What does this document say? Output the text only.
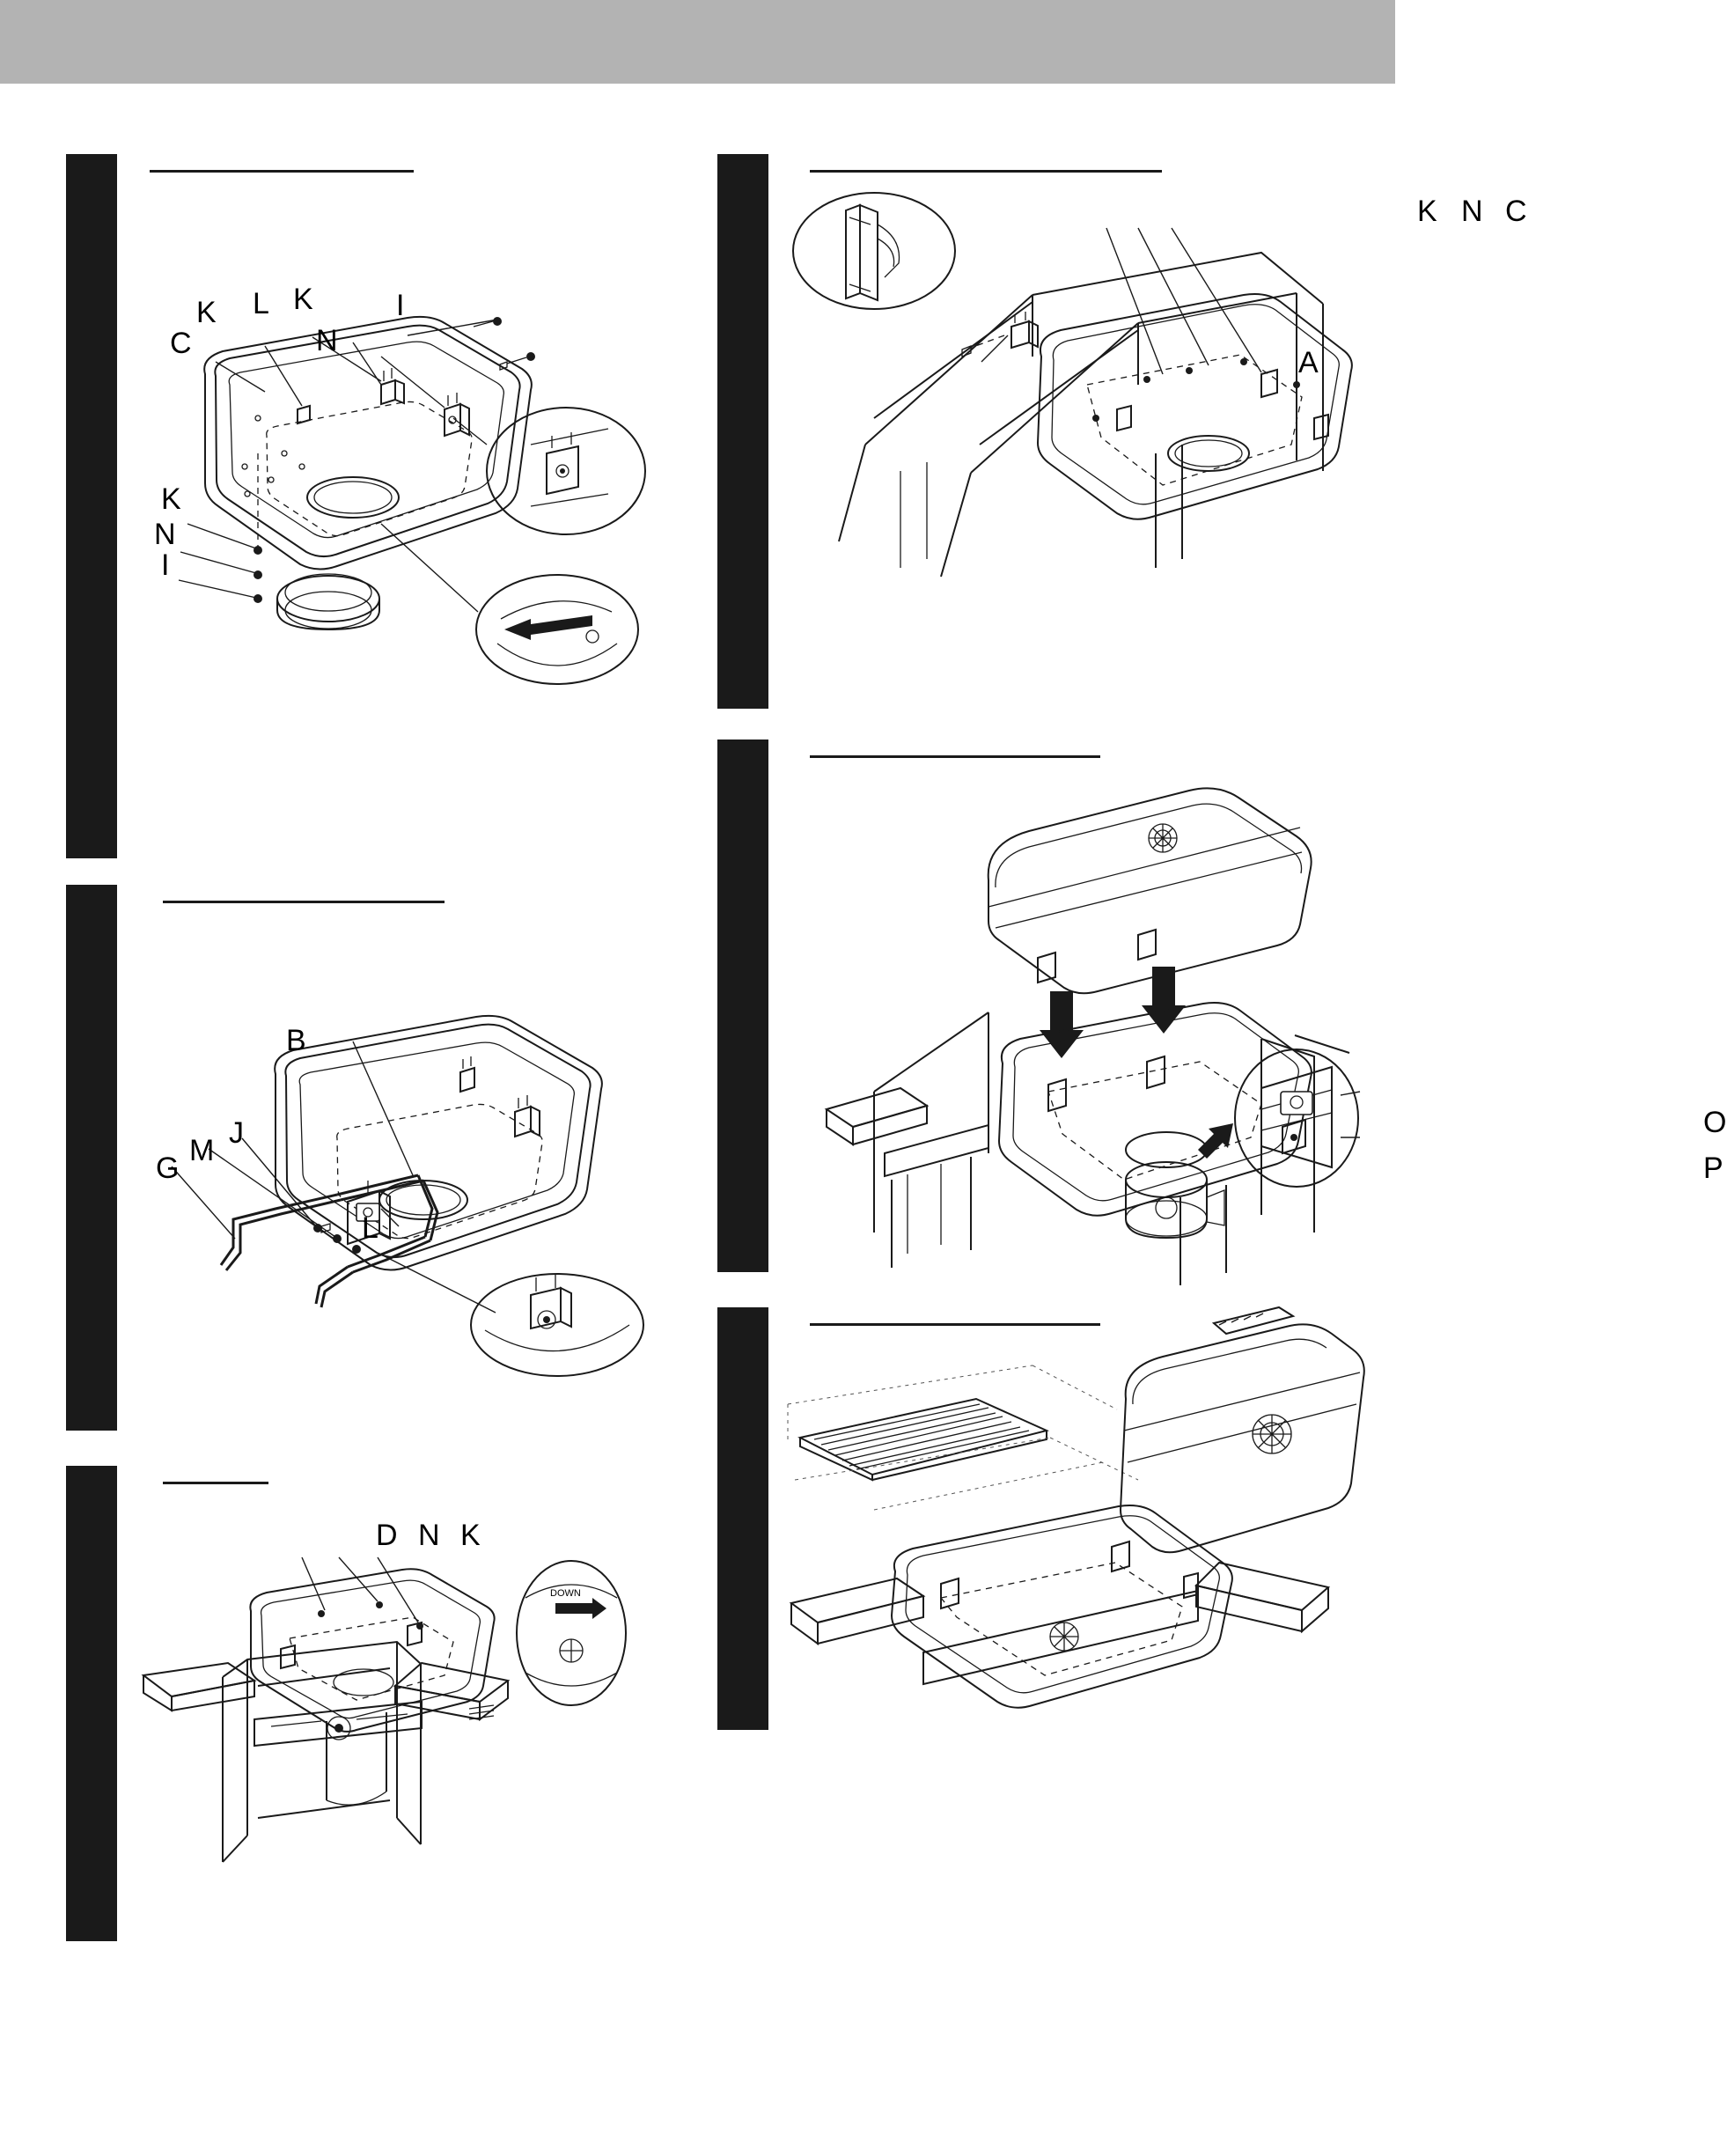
K L K	I
C	N
K
N
I
B
J
M
G
L
DOWN
D N K
K N C
A
O
P
